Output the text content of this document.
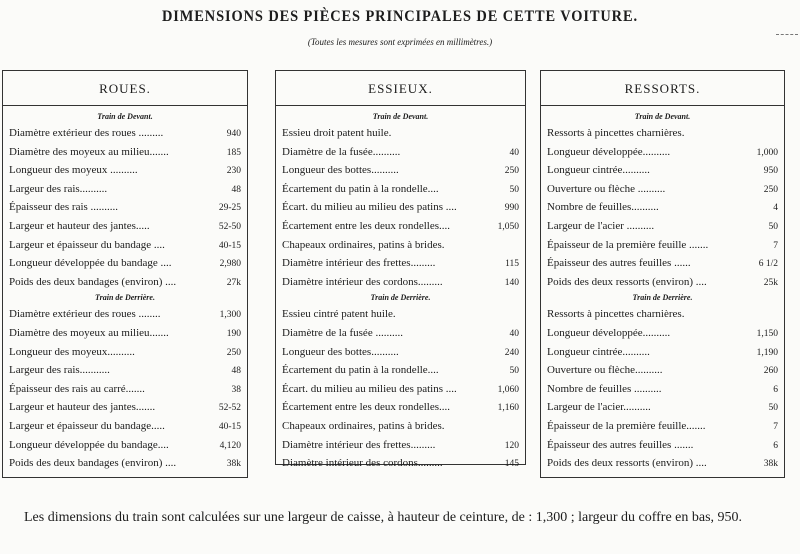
DIMENSIONS DES PIÈCES PRINCIPALES DE CETTE VOITURE.
(Toutes les mesures sont exprimées en millimètres.)
ROUES.
Train de Devant.
Diamètre extérieur des roues .........	940
Diamètre des moyeux au milieu.......	185
Longueur des moyeux ..........	230
Largeur des rais..........	48
Épaisseur des rais ..........	29-25
Largeur et hauteur des jantes.....	52-50
Largeur et épaisseur du bandage ....	40-15
Longueur développée du bandage ....	2,980
Poids des deux bandages (environ) ....	27k
Train de Derrière.
Diamètre extérieur des roues ........	1,300
Diamètre des moyeux au milieu.......	190
Longueur des moyeux..........	250
Largeur des rais...........	48
Épaisseur des rais au carré.......	38
Largeur et hauteur des jantes.......	52-52
Largeur et épaisseur du bandage.....	40-15
Longueur développée du bandage....	4,120
Poids des deux bandages (environ) ....	38k
ESSIEUX.
Train de Devant.
Essieu droit patent huile.
Diamètre de la fusée..........	40
Longueur des bottes..........	250
Écartement du patin à la rondelle....	50
Écart. du milieu au milieu des patins ....	990
Écartement entre les deux rondelles....	1,050
Chapeaux ordinaires, patins à brides.
Diamètre intérieur des frettes.........	115
Diamètre intérieur des cordons.........	140
Train de Derrière.
Essieu cintré patent huile.
Diamètre de la fusée ..........	40
Longueur des bottes..........	240
Écartement du patin à la rondelle....	50
Écart. du milieu au milieu des patins ....	1,060
Écartement entre les deux rondelles....	1,160
Chapeaux ordinaires, patins à brides.
Diamètre intérieur des frettes.........	120
Diamètre intérieur des cordons.........	145
RESSORTS.
Train de Devant.
Ressorts à pincettes charnières.
Longueur développée..........	1,000
Longueur cintrée..........	950
Ouverture ou flèche ..........	250
Nombre de feuilles..........	4
Largeur de l'acier ..........	50
Épaisseur de la première feuille .......	7
Épaisseur des autres feuilles ......	6 1/2
Poids des deux ressorts (environ) ....	25k
Train de Derrière.
Ressorts à pincettes charnières.
Longueur développée..........	1,150
Longueur cintrée..........	1,190
Ouverture ou flèche..........	260
Nombre de feuilles ..........	6
Largeur de l'acier..........	50
Épaisseur de la première feuille.......	7
Épaisseur des autres feuilles .......	6
Poids des deux ressorts (environ) ....	38k
Les dimensions du train sont calculées sur une largeur de caisse, à hauteur de ceinture, de : 1,300 ; largeur du coffre en bas, 950.
